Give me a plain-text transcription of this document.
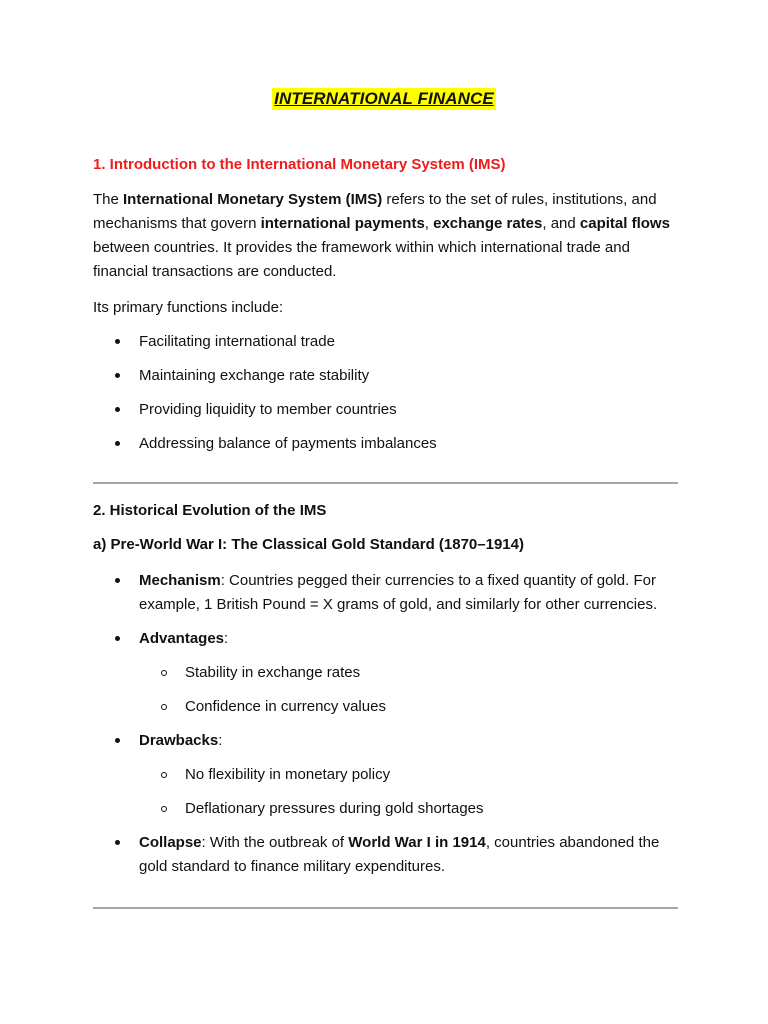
INTERNATIONAL FINANCE
1. Introduction to the International Monetary System (IMS)

The International Monetary System (IMS) refers to the set of rules, institutions, and mechanisms that govern international payments, exchange rates, and capital flows between countries. It provides the framework within which international trade and financial transactions are conducted.

Its primary functions include:

Facilitating international trade
Maintaining exchange rate stability
Providing liquidity to member countries
Addressing balance of payments imbalances
2. Historical Evolution of the IMS
a) Pre-World War I: The Classical Gold Standard (1870–1914)
Mechanism: Countries pegged their currencies to a fixed quantity of gold. For example, 1 British Pound = X grams of gold, and similarly for other currencies.
Advantages:
Stability in exchange rates
Confidence in currency values
Drawbacks:
No flexibility in monetary policy
Deflationary pressures during gold shortages
Collapse: With the outbreak of World War I in 1914, countries abandoned the gold standard to finance military expenditures.
